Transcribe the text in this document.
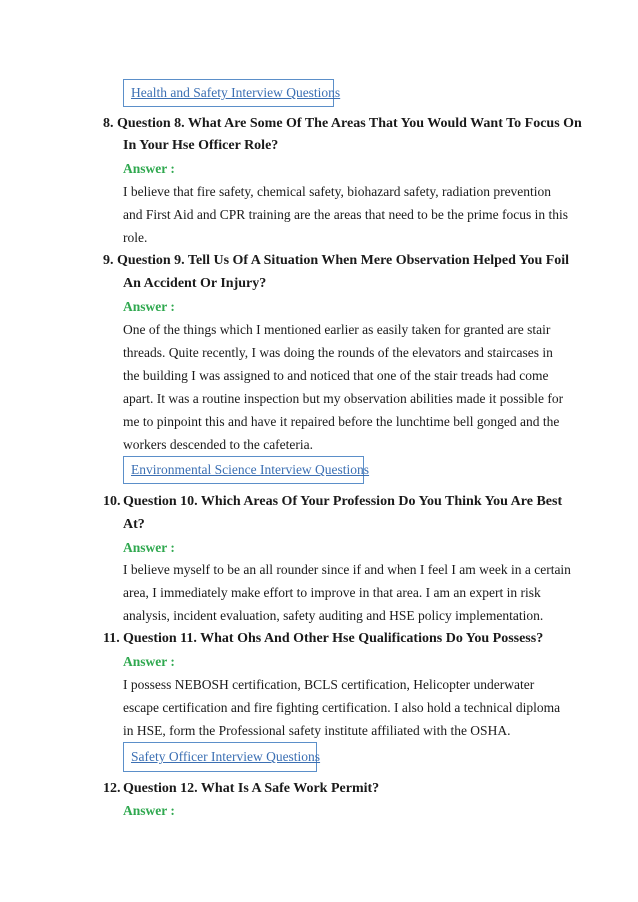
Health and Safety Interview Questions
8. Question 8. What Are Some Of The Areas That You Would Want To Focus On
In Your Hse Officer Role?
Answer :
I believe that fire safety, chemical safety, biohazard safety, radiation prevention
and First Aid and CPR training are the areas that need to be the prime focus in this
role.
9. Question 9. Tell Us Of A Situation When Mere Observation Helped You Foil
An Accident Or Injury?
Answer :
One of the things which I mentioned earlier as easily taken for granted are stair
threads. Quite recently, I was doing the rounds of the elevators and staircases in
the building I was assigned to and noticed that one of the stair treads had come
apart. It was a routine inspection but my observation abilities made it possible for
me to pinpoint this and have it repaired before the lunchtime bell gonged and the
workers descended to the cafeteria.
Environmental Science Interview Questions
10. Question 10. Which Areas Of Your Profession Do You Think You Are Best
At?
Answer :
I believe myself to be an all rounder since if and when I feel I am week in a certain
area, I immediately make effort to improve in that area. I am an expert in risk
analysis, incident evaluation, safety auditing and HSE policy implementation.
11. Question 11. What Ohs And Other Hse Qualifications Do You Possess?
Answer :
I possess NEBOSH certification, BCLS certification, Helicopter underwater
escape certification and fire fighting certification. I also hold a technical diploma
in HSE, form the Professional safety institute affiliated with the OSHA.
Safety Officer Interview Questions
12. Question 12. What Is A Safe Work Permit?
Answer :
